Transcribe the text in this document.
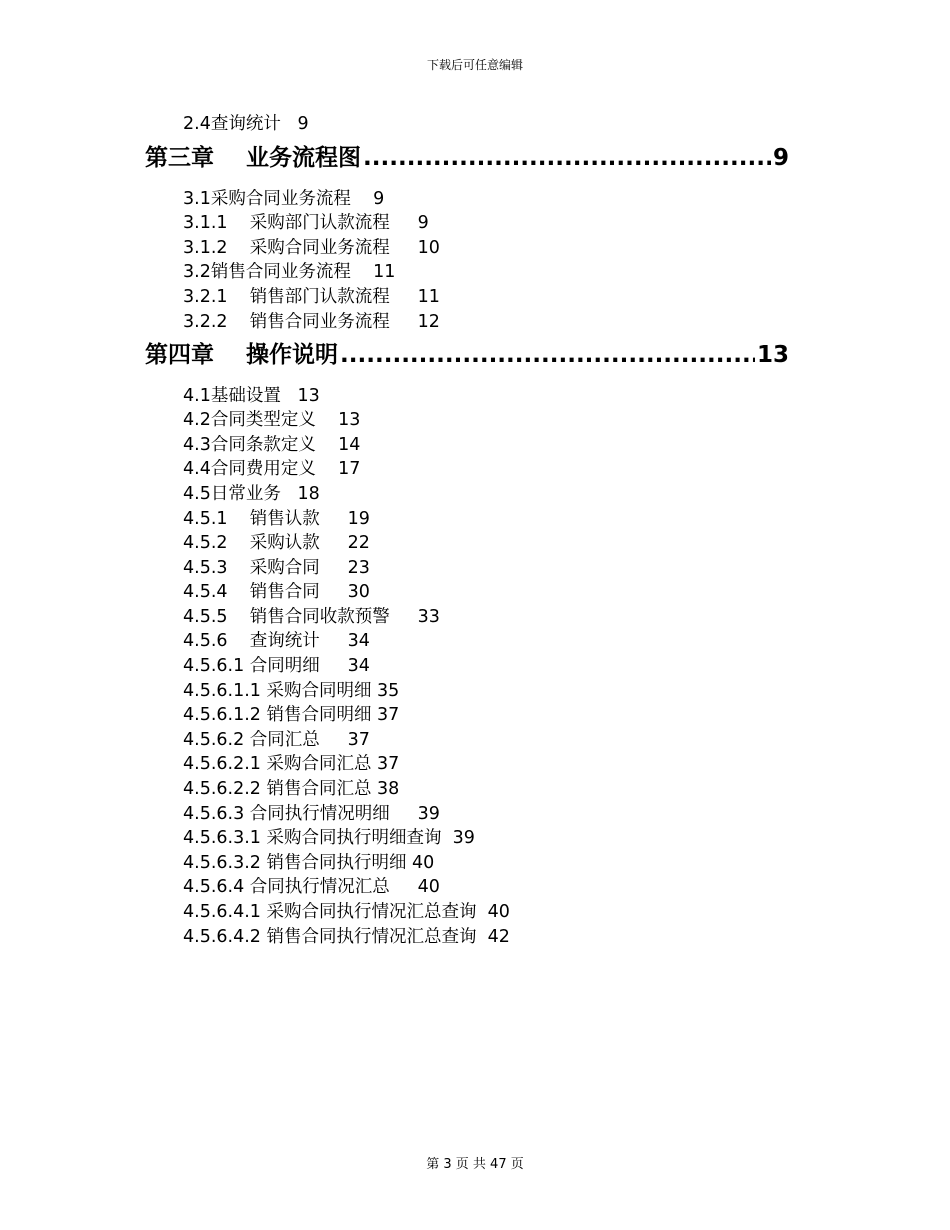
下载后可任意编辑
2.4查询统计   9
第三章    业务流程图 .....	9
3.1采购合同业务流程    9
3.1.1    采购部门认款流程     9
3.1.2    采购合同业务流程     10
3.2销售合同业务流程    11
3.2.1    销售部门认款流程     11
3.2.2    销售合同业务流程     12
第四章    操作说明 .....	13
4.1基础设置   13
4.2合同类型定义    13
4.3合同条款定义    14
4.4合同费用定义    17
4.5日常业务   18
4.5.1    销售认款     19
4.5.2    采购认款     22
4.5.3    采购合同     23
4.5.4    销售合同     30
4.5.5    销售合同收款预警     33
4.5.6    查询统计     34
4.5.6.1 合同明细     34
4.5.6.1.1 采购合同明细 35
4.5.6.1.2 销售合同明细 37
4.5.6.2 合同汇总     37
4.5.6.2.1 采购合同汇总 37
4.5.6.2.2 销售合同汇总 38
4.5.6.3 合同执行情况明细     39
4.5.6.3.1 采购合同执行明细查询  39
4.5.6.3.2 销售合同执行明细 40
4.5.6.4 合同执行情况汇总     40
4.5.6.4.1 采购合同执行情况汇总查询  40
4.5.6.4.2 销售合同执行情况汇总查询  42
第 3 页 共 47 页
